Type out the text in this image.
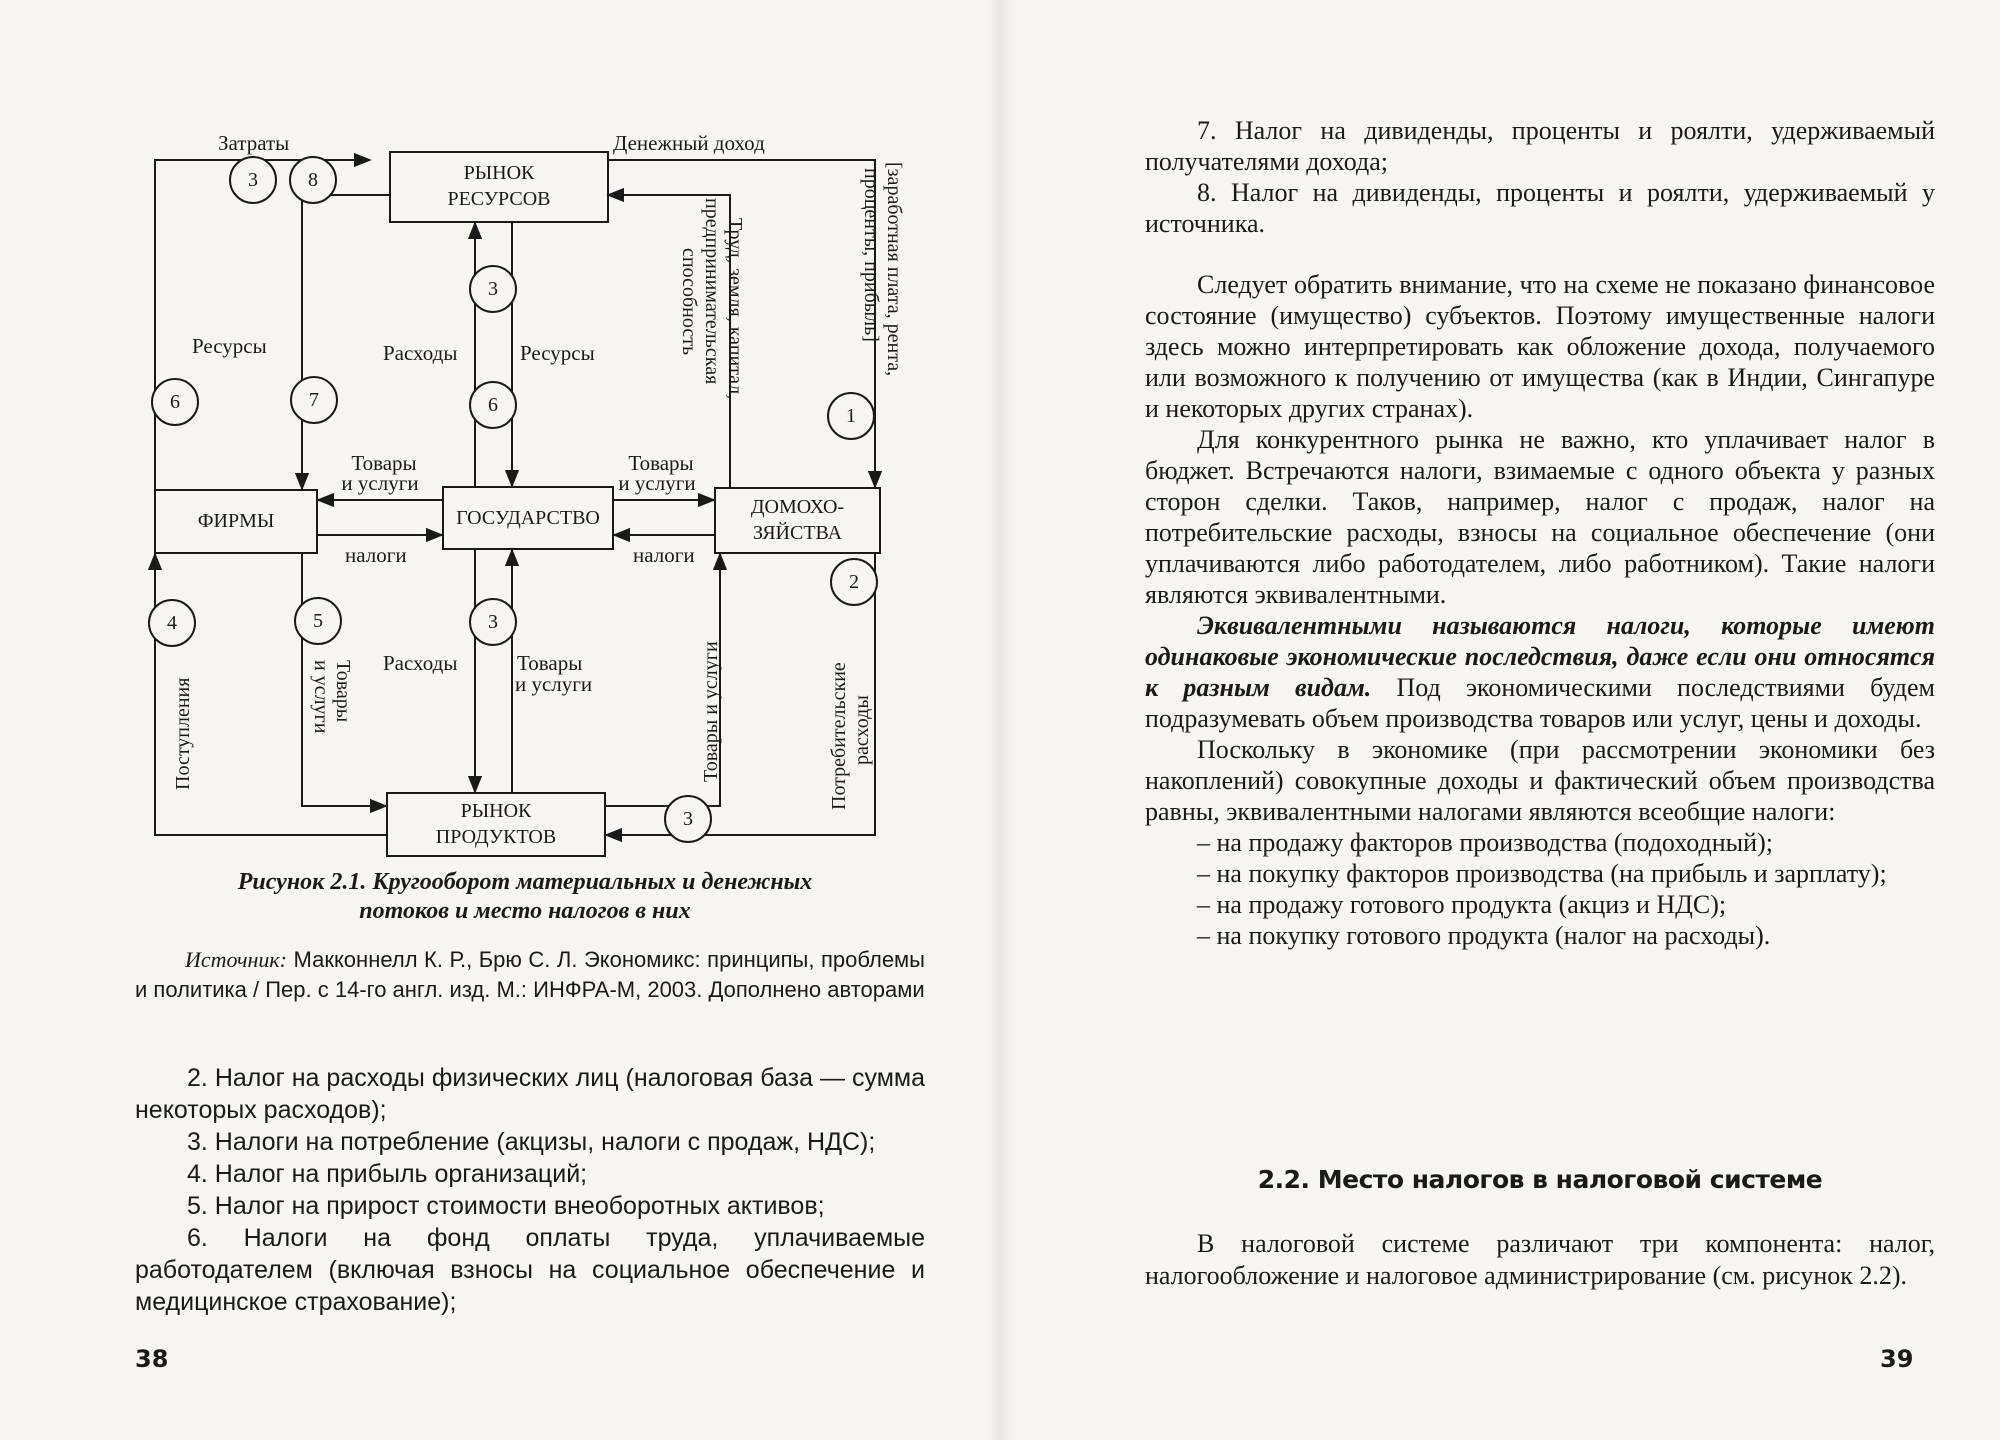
РЫНОК
РЕСУРСОВ
ФИРМЫ	ГОСУДАРСТВО	ДОМОХО-
ЗЯЙСТВА
РЫНОК
ПРОДУКТОВ
Затраты	Денежный доход
Ресурсы	Расходы	Ресурсы
Товары
и услуги
Товары
и услуги
налоги	налоги
Расходы	Товары
и услуги
Труд, земля, капитал,
предпринимательская
способность	[заработная плата, рента,
проценты, прибыль]
Поступления	Товары
и услуги	Товары и услуги	Потребительские расходы
3	8
3
6	7	6	1
2
4	5	3
3
Рисунок 2.1. Кругооборот материальных и денежных
потоков и место налогов в них
Источник: Макконнелл К. Р., Брю С. Л. Экономикс: принципы, проблемы и политика / Пер. с 14-го англ. изд. М.: ИНФРА-М, 2003. Дополнено авторами

2. Налог на расходы физических лиц (налоговая база — сумма некоторых расходов);

3. Налоги на потребление (акцизы, налоги с продаж, НДС);

4. Налог на прибыль организаций;

5. Налог на прирост стоимости внеоборотных активов;

6. Налоги на фонд оплаты труда, уплачиваемые работодателем (включая взносы на социальное обеспечение и медицинское страхование);

38

7. Налог на дивиденды, проценты и роялти, удерживаемый получателями дохода;

8. Налог на дивиденды, проценты и роялти, удерживаемый у источника.

Следует обратить внимание, что на схеме не показано финансовое состояние (имущество) субъектов. Поэтому имущественные налоги здесь можно интерпретировать как обложение дохода, получаемого или возможного к получению от имущества (как в Индии, Сингапуре и некоторых других странах).

Для конкурентного рынка не важно, кто уплачивает налог в бюджет. Встречаются налоги, взимаемые с одного объекта у разных сторон сделки. Таков, например, налог с продаж, налог на потребительские расходы, взносы на социальное обеспечение (они уплачиваются либо работодателем, либо работником). Такие налоги являются эквивалентными.

Эквивалентными называются налоги, которые имеют одинаковые экономические последствия, даже если они относятся к разным видам. Под экономическими последствиями будем подразумевать объем производства товаров или услуг, цены и доходы.

Поскольку в экономике (при рассмотрении экономики без накоплений) совокупные доходы и фактический объем производства равны, эквивалентными налогами являются всеобщие налоги:

– на продажу факторов производства (подоходный);

– на покупку факторов производства (на прибыль и зарплату);

– на продажу готового продукта (акциз и НДС);

– на покупку готового продукта (налог на расходы).

2.2. Место налогов в налоговой системе

В налоговой системе различают три компонента: налог, налогообложение и налоговое администрирование (см. рисунок 2.2).

39
